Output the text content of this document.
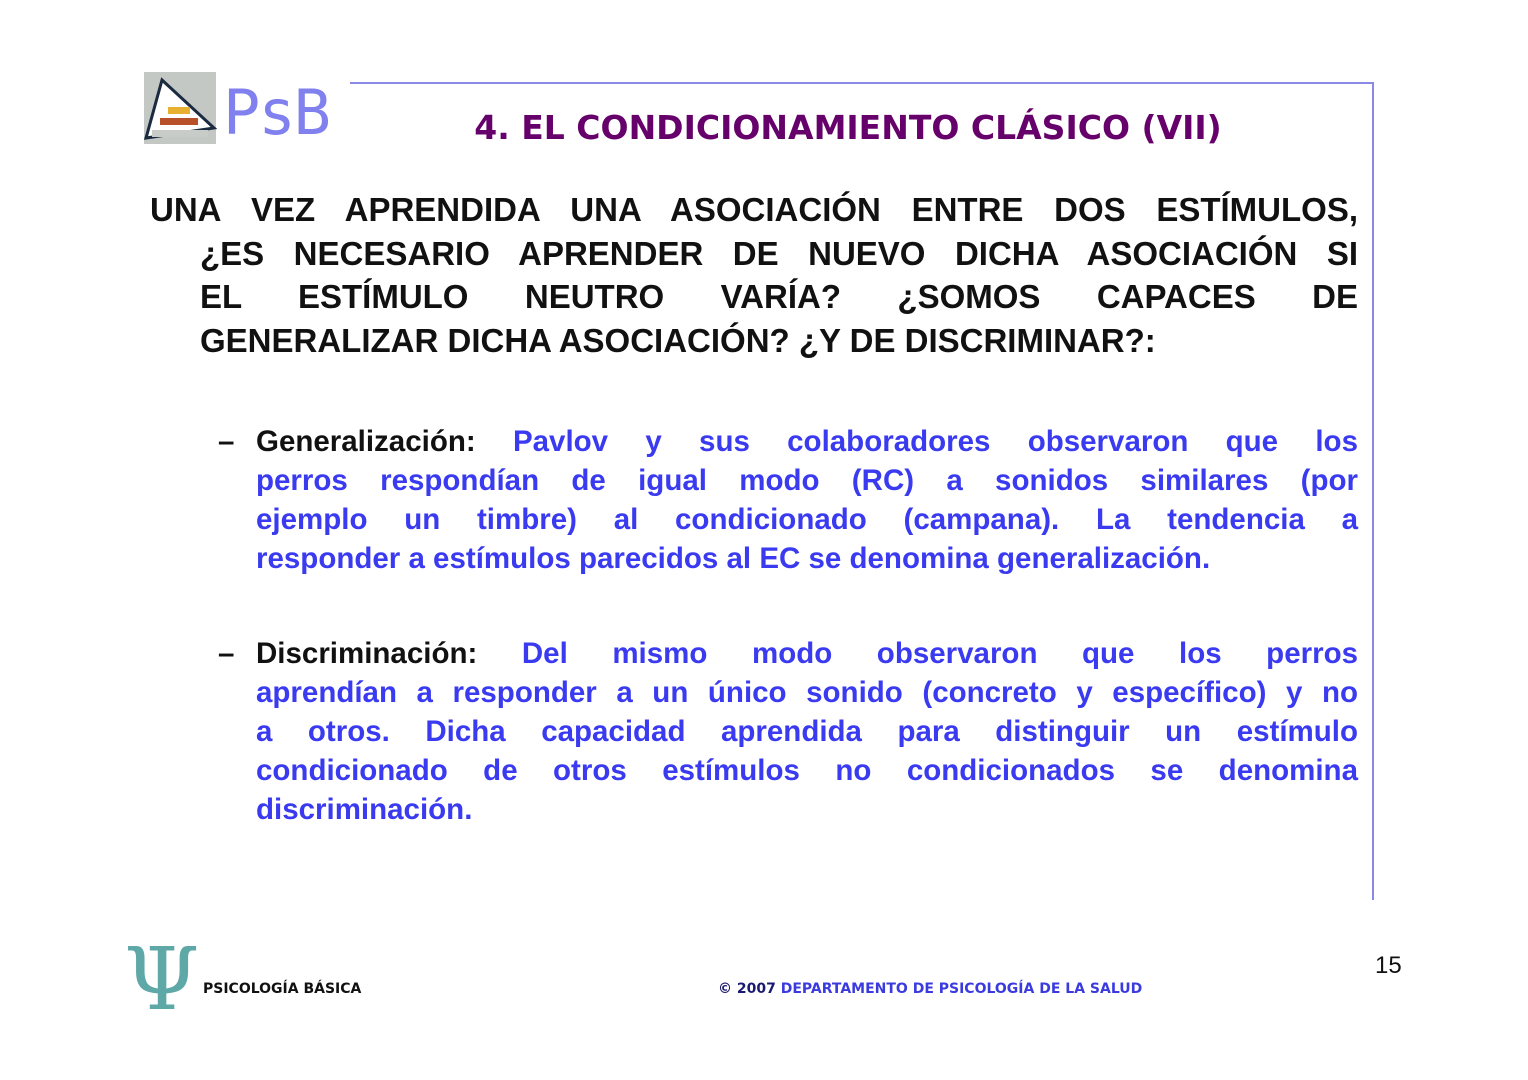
PsB	4. EL CONDICIONAMIENTO CLÁSICO (VII)
UNA VEZ APRENDIDA UNA ASOCIACIÓN ENTRE DOS ESTÍMULOS,
¿ES NECESARIO APRENDER DE NUEVO DICHA ASOCIACIÓN SI
EL ESTÍMULO NEUTRO VARÍA? ¿SOMOS CAPACES DE
GENERALIZAR DICHA ASOCIACIÓN? ¿Y DE DISCRIMINAR?:
– Generalización: Pavlov y sus colaboradores observaron que los
perros respondían de igual modo (RC) a sonidos similares (por
ejemplo un timbre) al condicionado (campana). La tendencia a
responder a estímulos parecidos al EC se denomina generalización.
– Discriminación: Del mismo modo observaron que los perros
aprendían a responder a un único sonido (concreto y específico) y no
a otros. Dicha capacidad aprendida para distinguir un estímulo
condicionado de otros estímulos no condicionados se denomina
discriminación.
Ψ PSICOLOGÍA BÁSICA	© 2007 DEPARTAMENTO DE PSICOLOGÍA DE LA SALUD
15
